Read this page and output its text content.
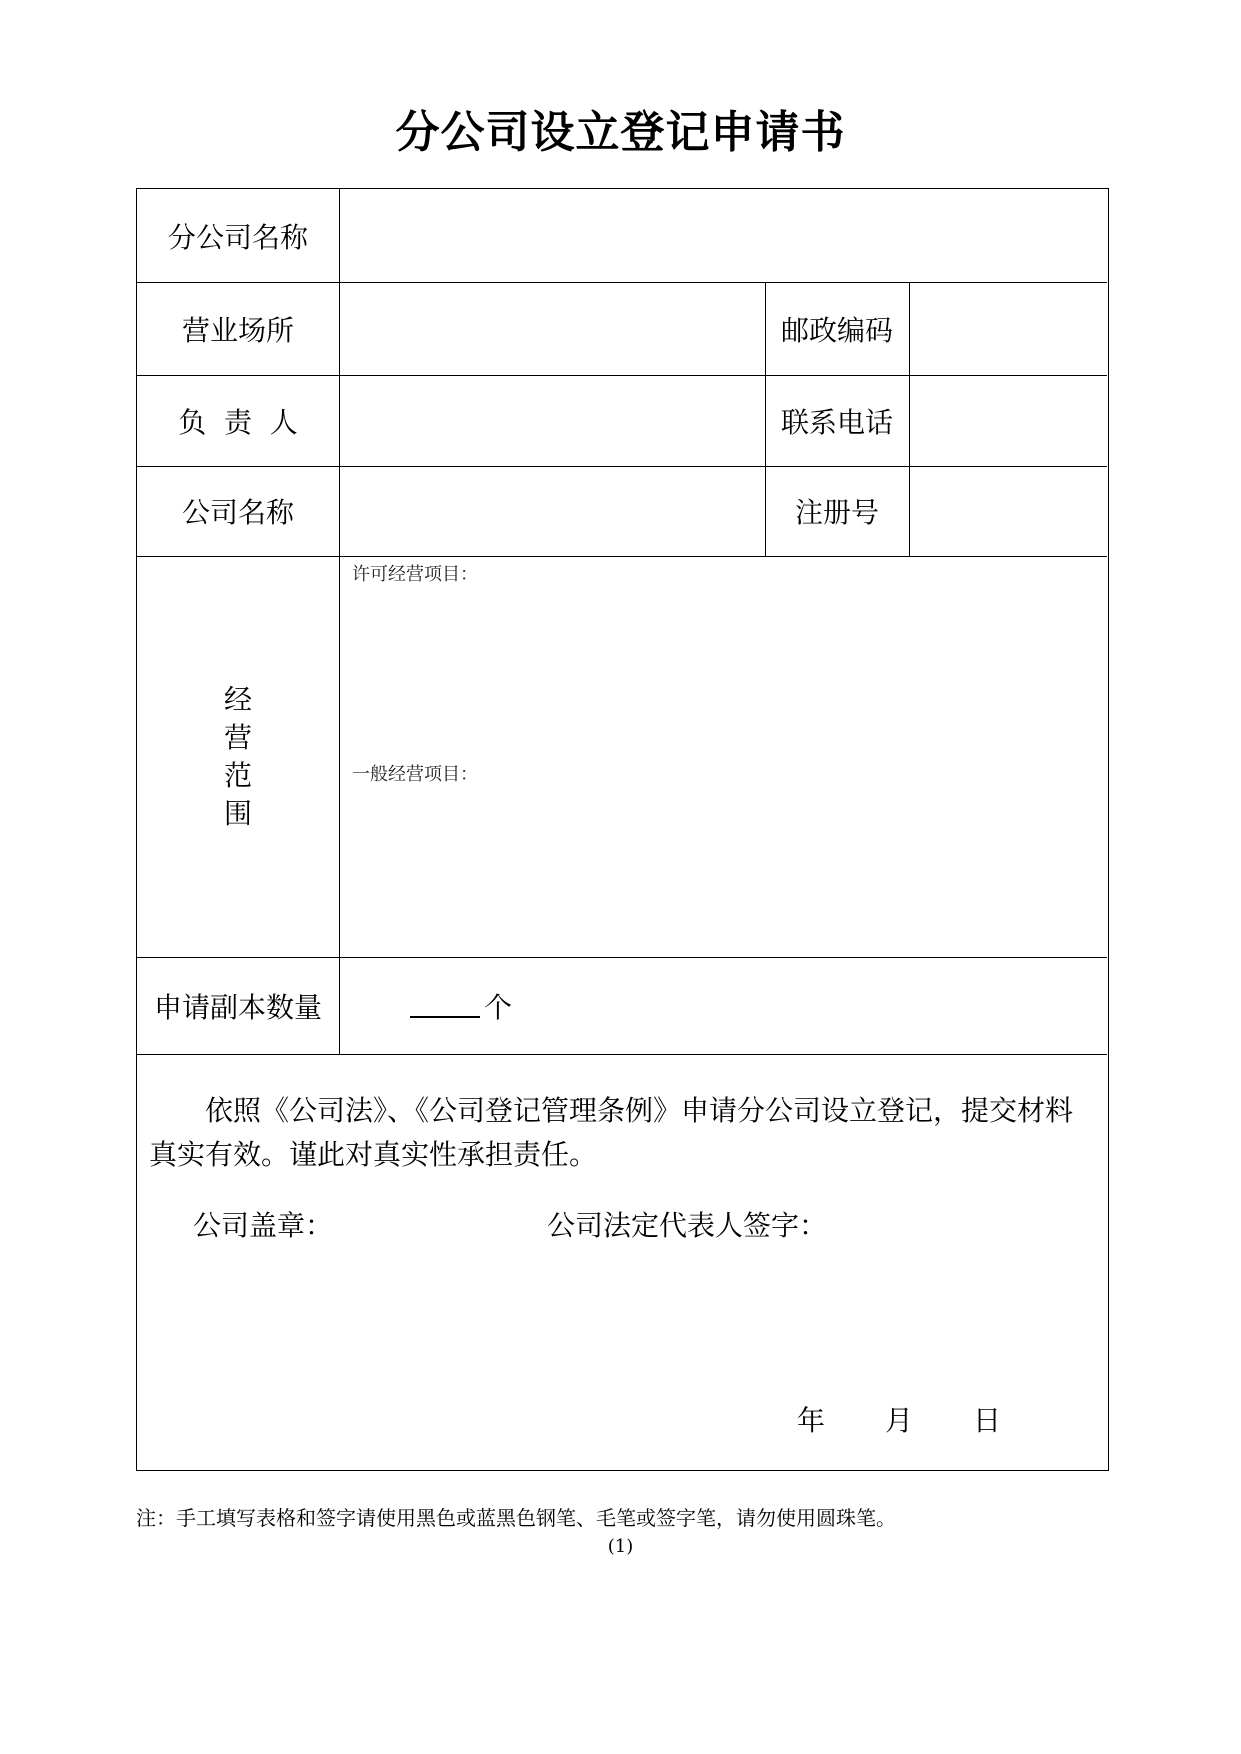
分公司设立登记申请书
分公司名称
营业场所	邮政编码
负  责  人	联系电话
公司名称	注册号
经
营
范
围
许可经营项目：
一般经营项目：
申请副本数量	个
依照《公司法》、《公司登记管理条例》申请分公司设立登记，提交材料真实有效。谨此对真实性承担责任。
公司盖章：	公司法定代表人签字：
年 月 日
注：手工填写表格和签字请使用黑色或蓝黑色钢笔、毛笔或签字笔，请勿使用圆珠笔。
(1)
